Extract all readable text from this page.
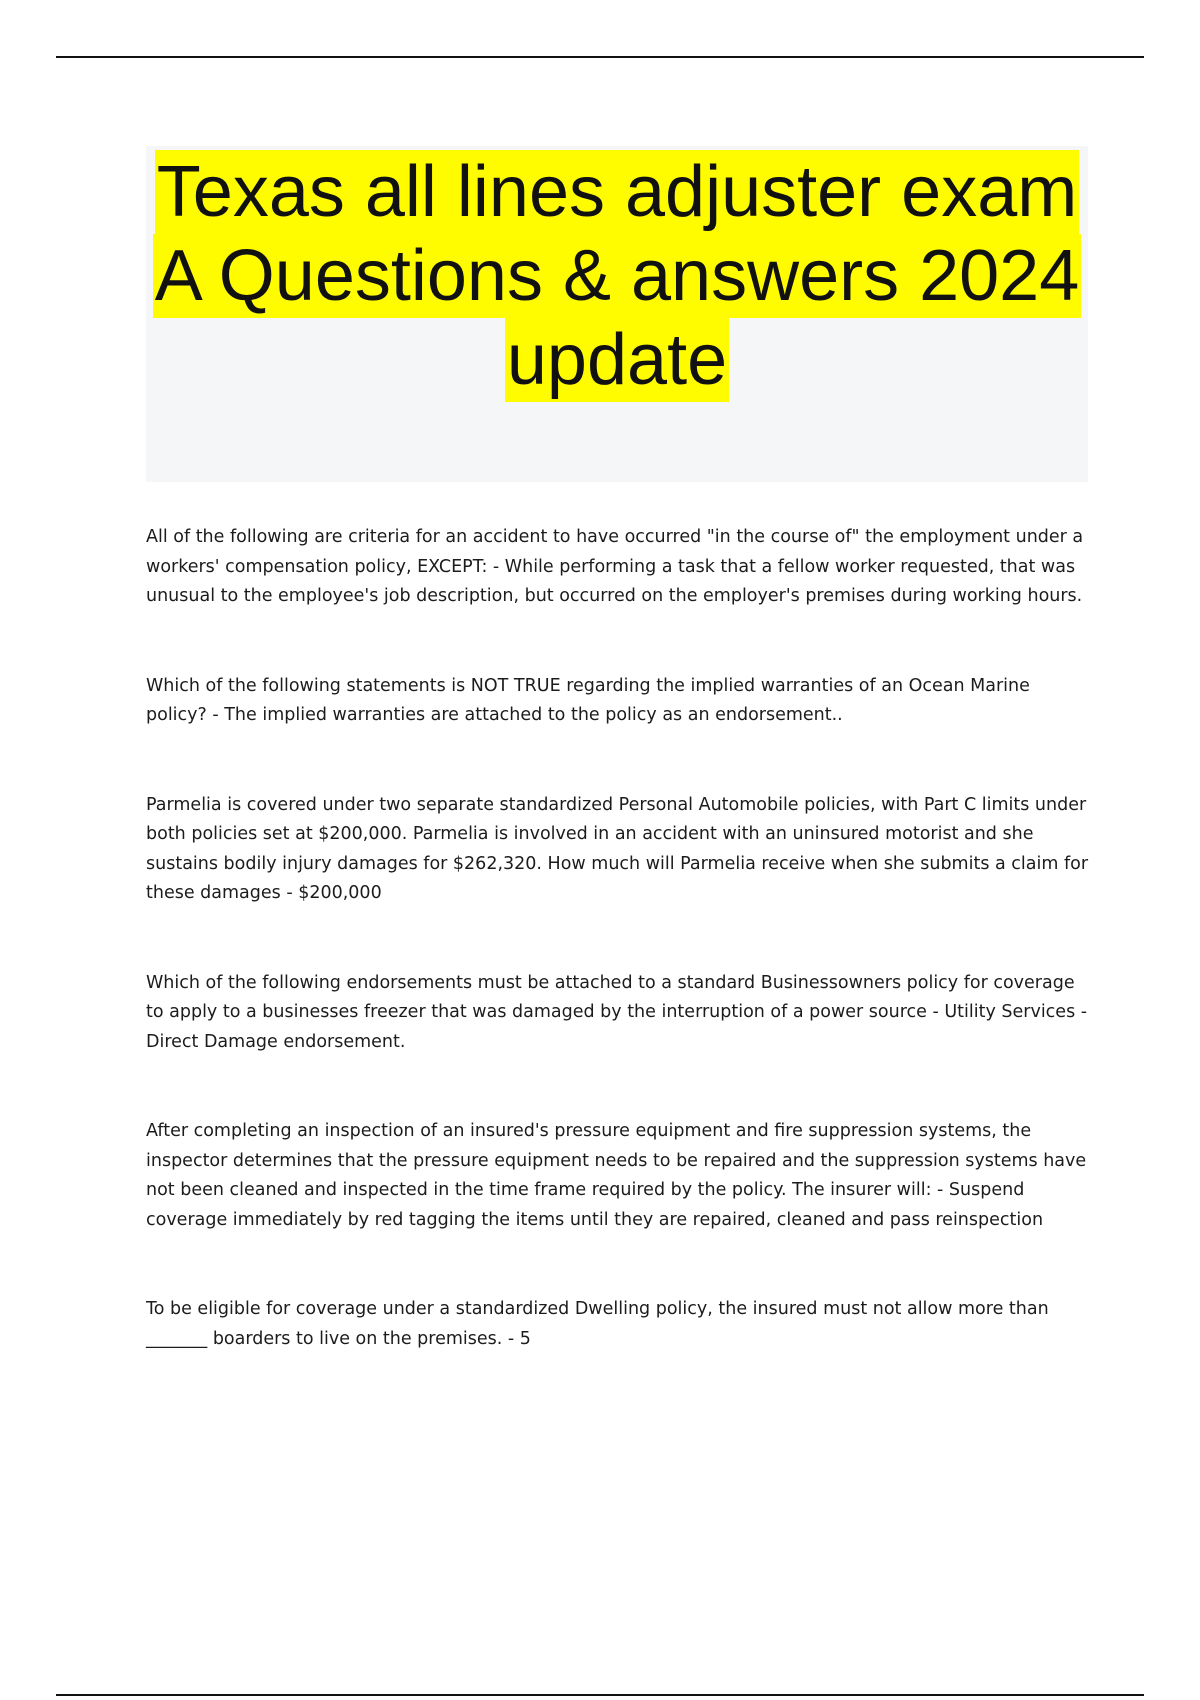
Texas all lines adjuster exam
A Questions & answers 2024
update

All of the following are criteria for an accident to have occurred "in the course of" the employment under a workers' compensation policy, EXCEPT: - While performing a task that a fellow worker requested, that was unusual to the employee's job description, but occurred on the employer's premises during working hours.

Which of the following statements is NOT TRUE regarding the implied warranties of an Ocean Marine policy? - The implied warranties are attached to the policy as an endorsement..

Parmelia is covered under two separate standardized Personal Automobile policies, with Part C limits under both policies set at $200,000. Parmelia is involved in an accident with an uninsured motorist and she sustains bodily injury damages for $262,320. How much will Parmelia receive when she submits a claim for these damages - $200,000

Which of the following endorsements must be attached to a standard Businessowners policy for coverage to apply to a businesses freezer that was damaged by the interruption of a power source - Utility Services - Direct Damage endorsement.

After completing an inspection of an insured's pressure equipment and fire suppression systems, the inspector determines that the pressure equipment needs to be repaired and the suppression systems have not been cleaned and inspected in the time frame required by the policy. The insurer will: - Suspend coverage immediately by red tagging the items until they are repaired, cleaned and pass reinspection

To be eligible for coverage under a standardized Dwelling policy, the insured must not allow more than _______ boarders to live on the premises. - 5
